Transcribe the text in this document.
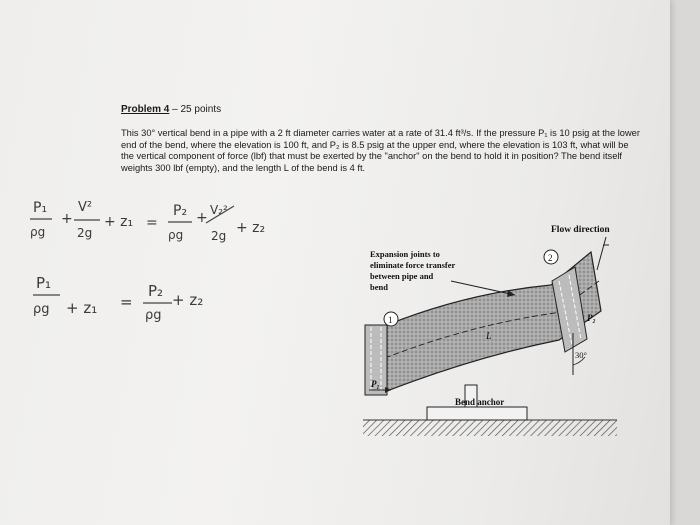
Problem 4 – 25 points

This 30° vertical bend in a pipe with a 2 ft diameter carries water at a rate of 31.4 ft³/s. If the pressure P₁ is 10 psig at the lower end of the bend, where the elevation is 100 ft, and P₂ is 8.5 psig at the upper end, where the elevation is 103 ft, what will be the vertical component of force (lbf) that must be exerted by the "anchor" on the bend to hold it in position? The bend itself weights 300 lbf (empty), and the length L of the bend is 4 ft.

P₁
ρg
+
V²
2g
+ z₁ =
P₂
ρg
+ V₂²
2g + z₂
P₁
ρg + z₁ =
P₂
ρg
+ z₂
Flow direction
Expansion joints to
eliminate force transfer
between pipe and
bend
1
2
L
P₁
P₂
30°
Bend anchor
